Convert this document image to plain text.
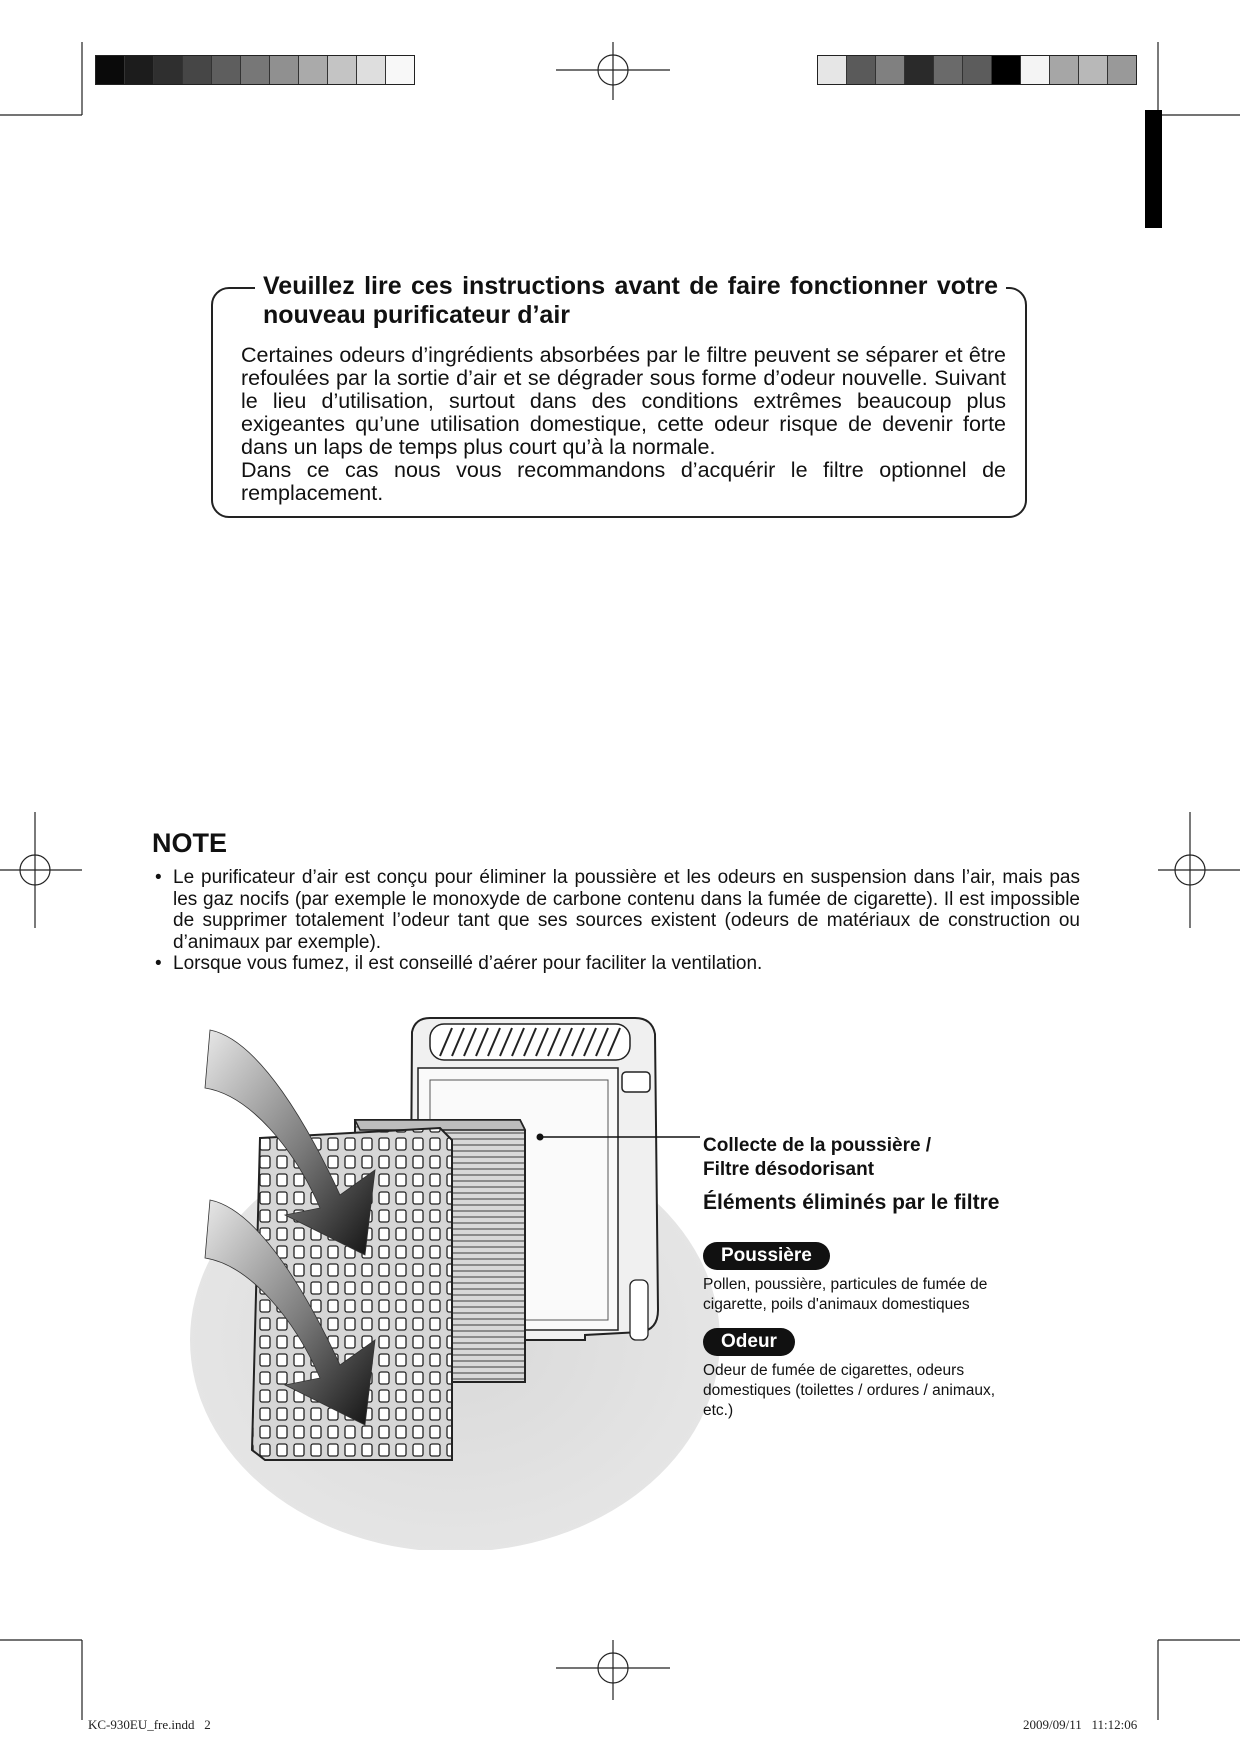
Veuillez lire ces instructions avant de faire fonctionner votre nouveau purificateur d’air

Certaines odeurs d’ingrédients absorbées par le filtre peuvent se séparer et être refoulées par la sortie d’air et se dégrader sous forme d’odeur nouvelle. Suivant le lieu d’utilisation, surtout dans des conditions extrêmes beaucoup plus exigeantes qu’une utilisation domestique, cette odeur risque de devenir forte dans un laps de temps plus court qu’à la normale.

Dans ce cas nous vous recommandons d’acquérir le filtre optionnel de remplacement.

NOTE
• Le purificateur d’air est conçu pour éliminer la poussière et les odeurs en suspension dans l’air, mais pas les gaz nocifs (par exemple le monoxyde de carbone contenu dans la fumée de cigarette). Il est impossible de supprimer totalement l’odeur tant que ses sources existent (odeurs de matériaux de construction ou d’animaux par exemple).
• Lorsque vous fumez, il est conseillé d’aérer pour faciliter la ventilation.
Collecte de la poussière /
Filtre désodorisant
Éléments éliminés par le filtre
Poussière
Pollen, poussière, particules de fumée de cigarette, poils d'animaux domestiques
Odeur
Odeur de fumée de cigarettes, odeurs domestiques (toilettes / ordures / animaux, etc.)
KC-930EU_fre.indd   2	2009/09/11   11:12:06
